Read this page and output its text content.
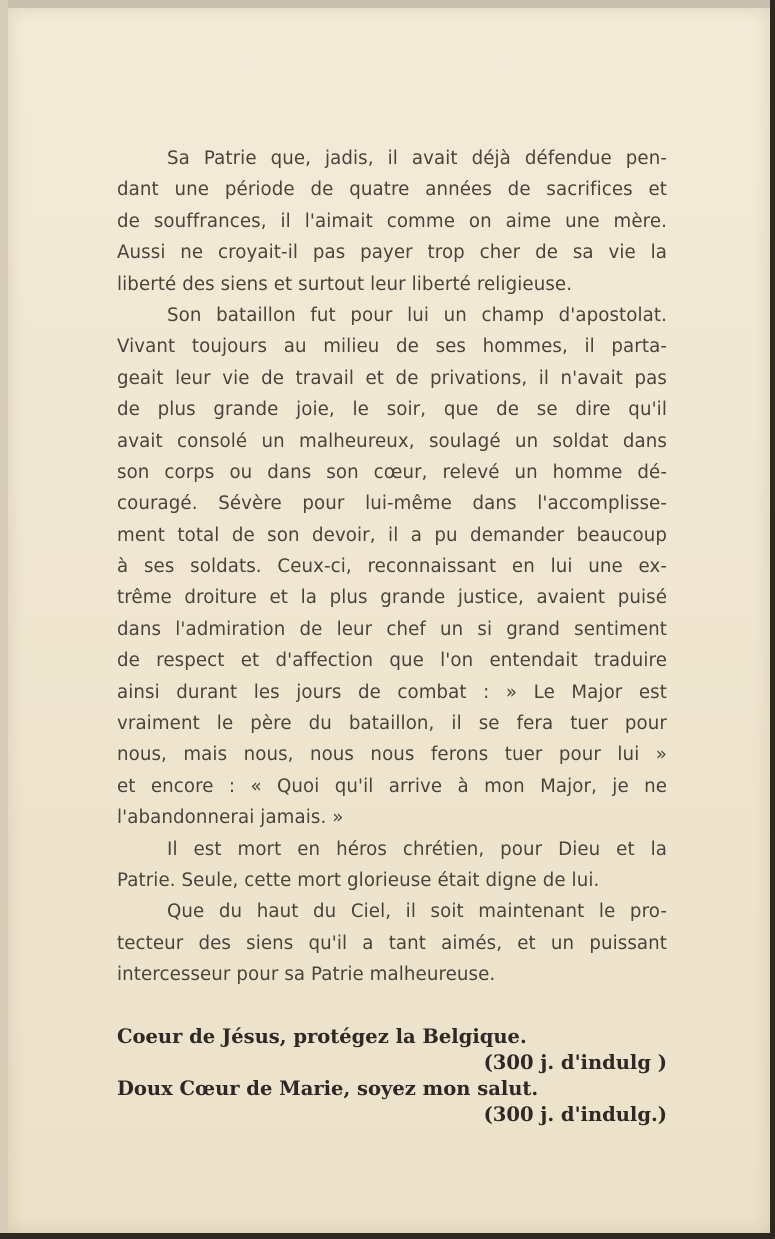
Sa Patrie que, jadis, il avait déjà défendue pen-
dant une période de quatre années de sacrifices et
de souffrances, il l'aimait comme on aime une mère.
Aussi ne croyait-il pas payer trop cher de sa vie la
liberté des siens et surtout leur liberté religieuse.
Son bataillon fut pour lui un champ d'apostolat.
Vivant toujours au milieu de ses hommes, il parta-
geait leur vie de travail et de privations, il n'avait pas
de plus grande joie, le soir, que de se dire qu'il
avait consolé un malheureux, soulagé un soldat dans
son corps ou dans son cœur, relevé un homme dé-
couragé. Sévère pour lui-même dans l'accomplisse-
ment total de son devoir, il a pu demander beaucoup
à ses soldats. Ceux-ci, reconnaissant en lui une ex-
trême droiture et la plus grande justice, avaient puisé
dans l'admiration de leur chef un si grand sentiment
de respect et d'affection que l'on entendait traduire
ainsi durant les jours de combat : » Le Major est
vraiment le père du bataillon, il se fera tuer pour
nous, mais nous, nous nous ferons tuer pour lui »
et encore : « Quoi qu'il arrive à mon Major, je ne
l'abandonnerai jamais. »
Il est mort en héros chrétien, pour Dieu et la
Patrie. Seule, cette mort glorieuse était digne de lui.
Que du haut du Ciel, il soit maintenant le pro-
tecteur des siens qu'il a tant aimés, et un puissant
intercesseur pour sa Patrie malheureuse.
Coeur de Jésus, protégez la Belgique.
(300 j. d'indulg )
Doux Cœur de Marie, soyez mon salut.
(300 j. d'indulg.)
